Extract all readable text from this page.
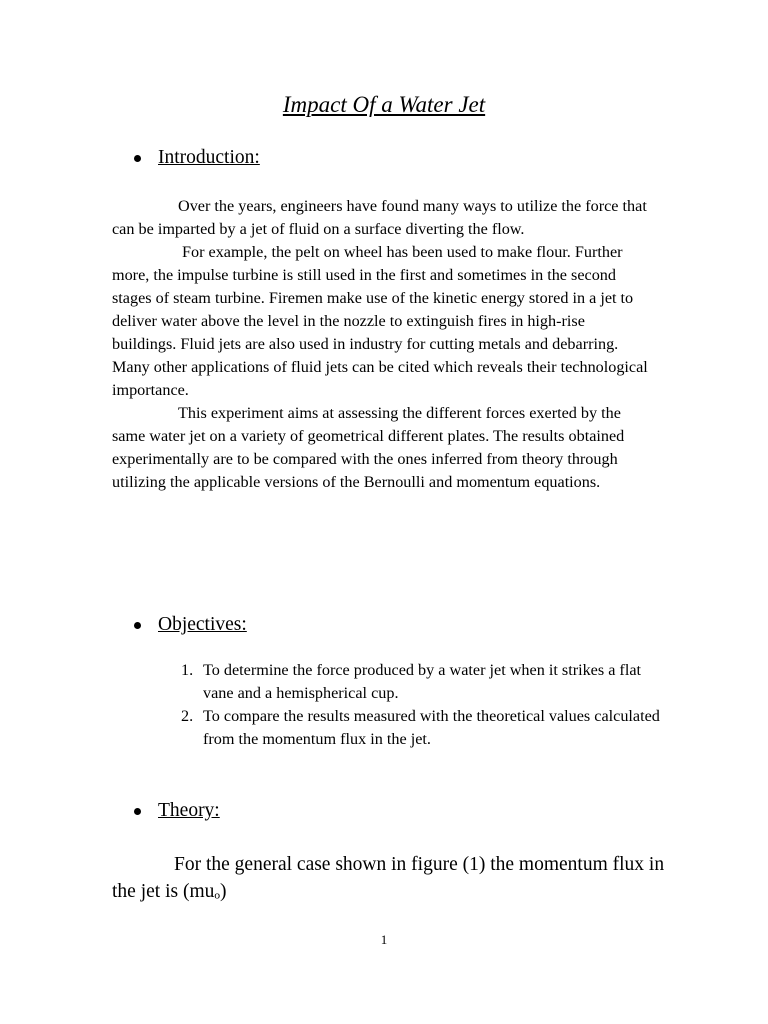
Impact Of a Water Jet
Introduction:

Over the years, engineers have found many ways to utilize the force that can be imparted by a jet of fluid on a surface diverting the flow.

For example, the pelt on wheel has been used to make flour. Further more, the impulse turbine is still used in the first and sometimes in the second stages of steam turbine. Firemen make use of the kinetic energy stored in a jet to deliver water above the level in the nozzle to extinguish fires in high-rise buildings. Fluid jets are also used in industry for cutting metals and debarring. Many other applications of fluid jets can be cited which reveals their technological importance.

This experiment aims at assessing the different forces exerted by the same water jet on a variety of geometrical different plates. The results obtained experimentally are to be compared with the ones inferred from theory through utilizing the applicable versions of the Bernoulli and momentum equations.

Objectives:
1. To determine the force produced by a water jet when it strikes a flat vane and a hemispherical cup.
2. To compare the results measured with the theoretical values calculated from the momentum flux in the jet.
Theory:

For the general case shown in figure (1) the momentum flux in the jet is (muₒ)

1
